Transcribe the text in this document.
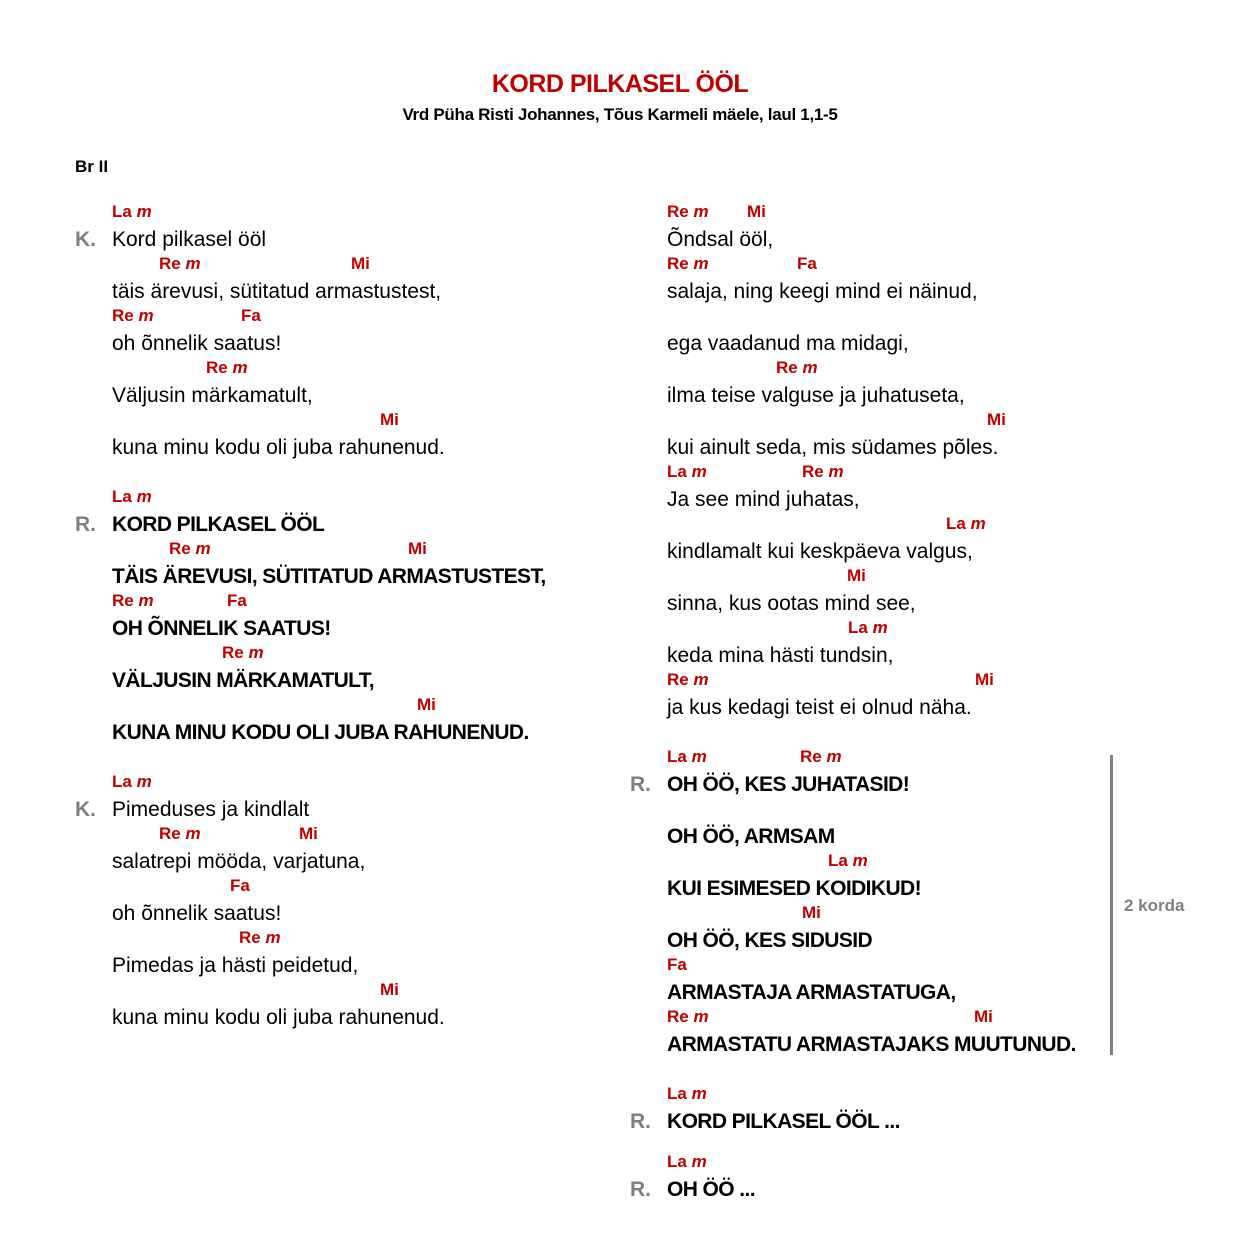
KORD PILKASEL ÖÖL
Vrd Püha Risti Johannes, Tõus Karmeli mäele, laul 1,1-5
Br II
K.
La m
Kord pilkasel ööl
Re m	Mi
täis ärevusi, sütitatud armastustest,
Re m	Fa
oh õnnelik saatus!
Re m
Väljusin märkamatult,
Mi
kuna minu kodu oli juba rahunenud.
R.
La m
KORD PILKASEL ÖÖL
Re m	Mi
TÄIS ÄREVUSI, SÜTITATUD ARMASTUSTEST,
Re m	Fa
OH ÕNNELIK SAATUS!
Re m
VÄLJUSIN MÄRKAMATULT,
Mi
KUNA MINU KODU OLI JUBA RAHUNENUD.
K.
La m
Pimeduses ja kindlalt
Re m	Mi
salatrepi mööda, varjatuna,
Fa
oh õnnelik saatus!
Re m
Pimedas ja hästi peidetud,
Mi
kuna minu kodu oli juba rahunenud.
Re m Mi
Õndsal ööl,
Re m	Fa
salaja, ning keegi mind ei näinud,
ega vaadanud ma midagi,
Re m
ilma teise valguse ja juhatuseta,
Mi
kui ainult seda, mis südames põles.
La m	Re m
Ja see mind juhatas,
La m
kindlamalt kui keskpäeva valgus,
Mi
sinna, kus ootas mind see,
La m
keda mina hästi tundsin,
Re m	Mi
ja kus kedagi teist ei olnud näha.
R.
La m	Re m
OH ÖÖ, KES JUHATASID!
OH ÖÖ, ARMSAM
La m
KUI ESIMESED KOIDIKUD!
Mi
OH ÖÖ, KES SIDUSID
Fa
ARMASTAJA ARMASTATUGA,
Re m	Mi
ARMASTATU ARMASTAJAKS MUUTUNUD.
R.
La m
KORD PILKASEL ÖÖL ...
R.
La m
OH ÖÖ ...
2 korda
